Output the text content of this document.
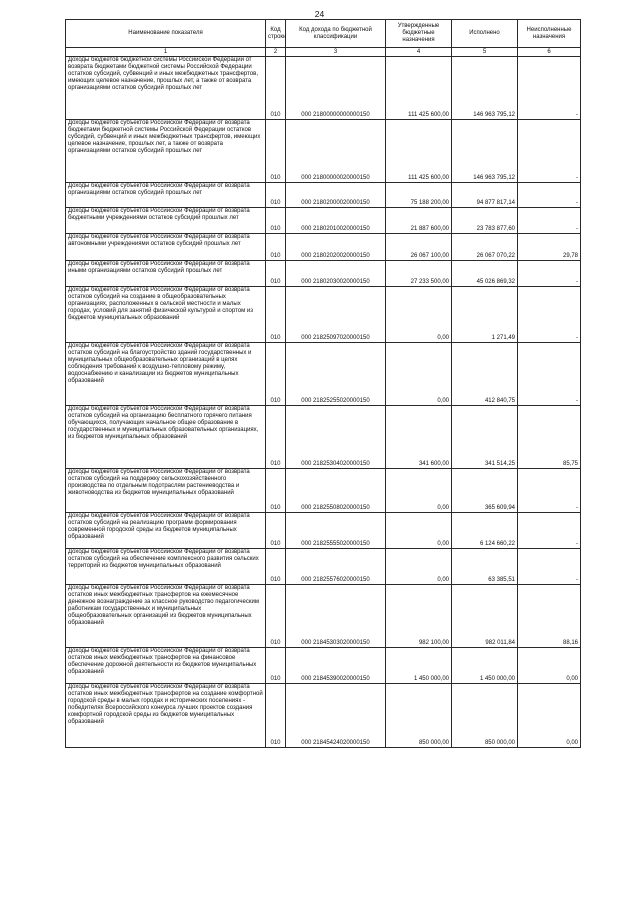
24
Наименование показателя	Код строки	Код дохода по бюджетной классификации	Утвержденные бюджетные назначения	Исполнено	Неисполненные назначения
1	2	3	4	5	6
Доходы бюджетов бюджетной системы Российской Федерации от возврата бюджетами бюджетной системы Российской Федерации остатков субсидий, субвенций и иных межбюджетных трансфертов, имеющих целевое назначение, прошлых лет, а также от возврата организациями остатков субсидий прошлых лет	010	000 21800000000000150	111 425 600,00	146 963 795,12	-
Доходы бюджетов субъектов Российской Федерации от возврата бюджетами бюджетной системы Российской Федерации остатков субсидий, субвенций и иных межбюджетных трансфертов, имеющих целевое назначение, прошлых лет, а также от возврата организациями остатков субсидий прошлых лет	010	000 21800000020000150	111 425 600,00	146 963 795,12	-
Доходы бюджетов субъектов Российской Федерации от возврата организациями остатков субсидий прошлых лет	010	000 21802000020000150	75 188 200,00	94 877 817,14	-
Доходы бюджетов субъектов Российской Федерации от возврата бюджетными учреждениями остатков субсидий прошлых лет	010	000 21802010020000150	21 887 600,00	23 783 877,60	-
Доходы бюджетов субъектов Российской Федерации от возврата автономными учреждениями остатков субсидий прошлых лет	010	000 21802020020000150	26 067 100,00	26 067 070,22	29,78
Доходы бюджетов субъектов Российской Федерации от возврата иными организациями остатков субсидий прошлых лет	010	000 21802030020000150	27 233 500,00	45 026 869,32	-
Доходы бюджетов субъектов Российской Федерации от возврата остатков субсидий на создание в общеобразовательных организациях, расположенных в сельской местности и малых городах, условий для занятий физической культурой и спортом из бюджетов муниципальных образований	010	000 21825097020000150	0,00	1 271,49	-
Доходы бюджетов субъектов Российской Федерации от возврата остатков субсидий на благоустройство зданий государственных и муниципальных общеобразовательных организаций в целях соблюдения требований к воздушно-тепловому режиму, водоснабжению и канализации из бюджетов муниципальных образований	010	000 21825255020000150	0,00	412 840,75	-
Доходы бюджетов субъектов Российской Федерации от возврата остатков субсидий на организацию бесплатного горячего питания обучающихся, получающих начальное общее образование в государственных и муниципальных образовательных организациях, из бюджетов муниципальных образований	010	000 21825304020000150	341 600,00	341 514,25	85,75
Доходы бюджетов субъектов Российской Федерации от возврата остатков субсидий на поддержку сельскохозяйственного производства по отдельным подотраслям растениеводства и животноводства из бюджетов муниципальных образований	010	000 21825508020000150	0,00	365 609,94	-
Доходы бюджетов субъектов Российской Федерации от возврата остатков субсидий на реализацию программ формирования современной городской среды из бюджетов муниципальных образований	010	000 21825555020000150	0,00	6 124 660,22	-
Доходы бюджетов субъектов Российской Федерации от возврата остатков субсидий на обеспечение комплексного развития сельских территорий из бюджетов муниципальных образований	010	000 21825576020000150	0,00	63 385,51	-
Доходы бюджетов субъектов Российской Федерации от возврата остатков иных межбюджетных трансфертов на ежемесячное денежное вознаграждение за классное руководство педагогическим работникам государственных и муниципальных общеобразовательных организаций из бюджетов муниципальных образований	010	000 21845303020000150	982 100,00	982 011,84	88,16
Доходы бюджетов субъектов Российской Федерации от возврата остатков иных межбюджетных трансфертов на финансовое обеспечение дорожной деятельности из бюджетов муниципальных образований	010	000 21845390020000150	1 450 000,00	1 450 000,00	0,00
Доходы бюджетов субъектов Российской Федерации от возврата остатков иных межбюджетных трансфертов на создание комфортной городской среды в малых городах и исторических поселениях - победителях Всероссийского конкурса лучших проектов создания комфортной городской среды из бюджетов муниципальных образований	010	000 21845424020000150	850 000,00	850 000,00	0,00
